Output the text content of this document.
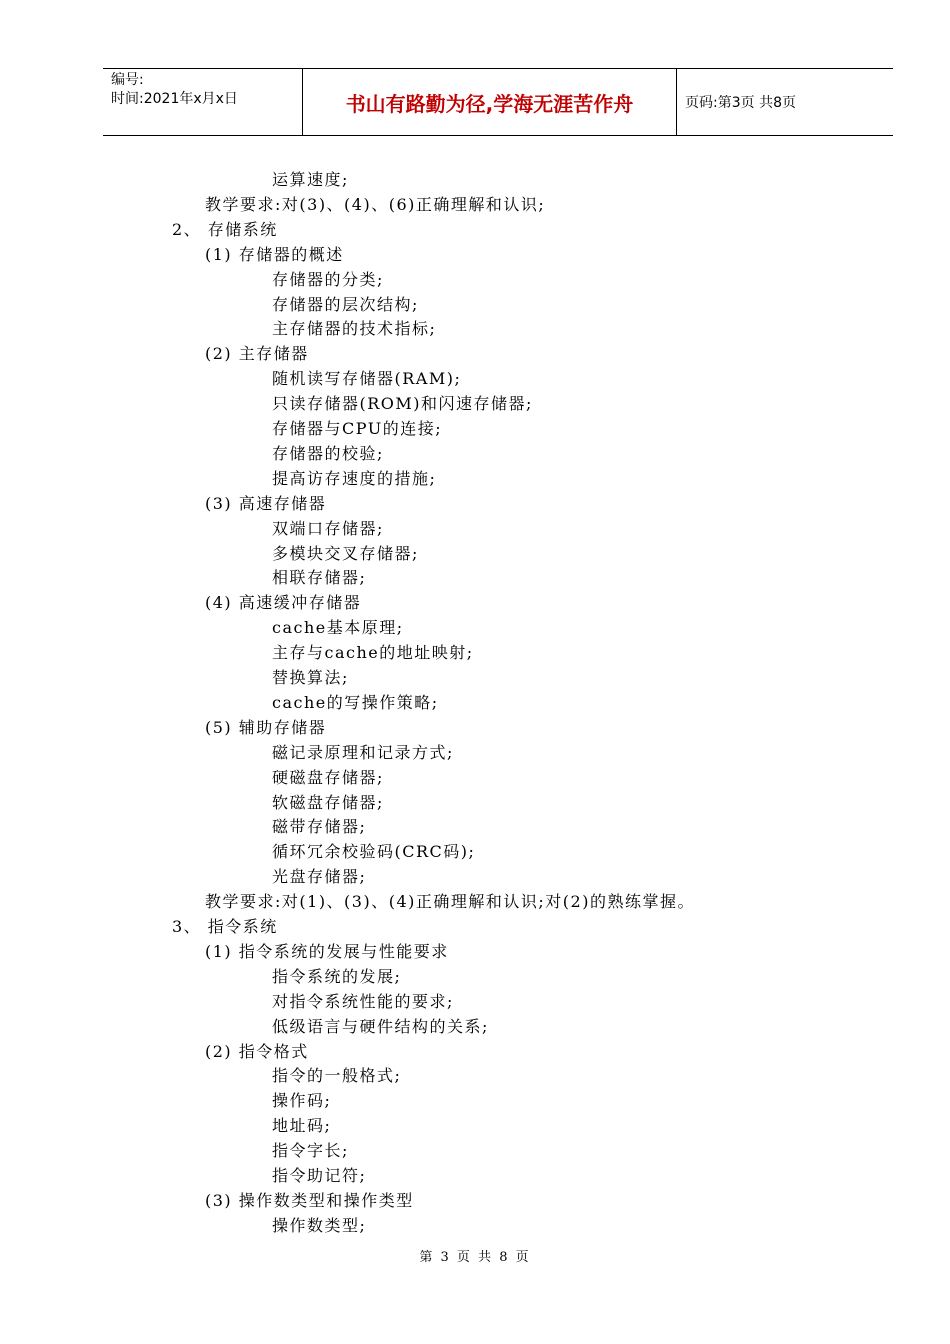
编号:
时间:2021年x月x日	书山有路勤为径,学海无涯苦作舟	页码:第3页 共8页
运算速度;
教学要求:对(3)、(4)、(6)正确理解和认识;
2、 存储系统
(1) 存储器的概述
存储器的分类;
存储器的层次结构;
主存储器的技术指标;
(2) 主存储器
随机读写存储器(RAM);
只读存储器(ROM)和闪速存储器;
存储器与CPU的连接;
存储器的校验;
提高访存速度的措施;
(3) 高速存储器
双端口存储器;
多模块交叉存储器;
相联存储器;
(4) 高速缓冲存储器
cache基本原理;
主存与cache的地址映射;
替换算法;
cache的写操作策略;
(5) 辅助存储器
磁记录原理和记录方式;
硬磁盘存储器;
软磁盘存储器;
磁带存储器;
循环冗余校验码(CRC码);
光盘存储器;
教学要求:对(1)、(3)、(4)正确理解和认识;对(2)的熟练掌握。
3、 指令系统
(1) 指令系统的发展与性能要求
指令系统的发展;
对指令系统性能的要求;
低级语言与硬件结构的关系;
(2) 指令格式
指令的一般格式;
操作码;
地址码;
指令字长;
指令助记符;
(3) 操作数类型和操作类型
操作数类型;
第 3 页 共 8 页
